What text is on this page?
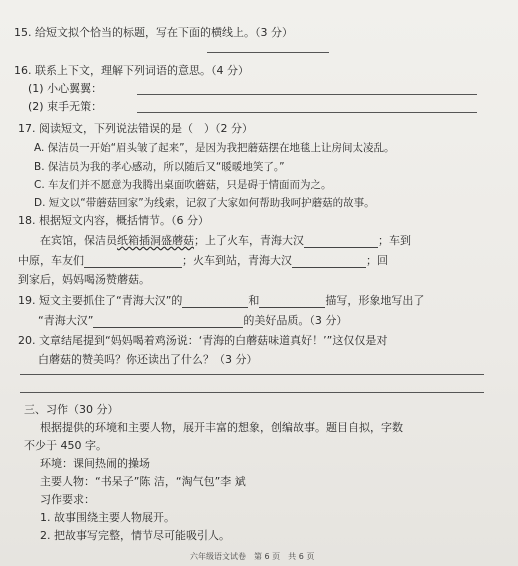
15. 给短文拟个恰当的标题，写在下面的横线上。（3 分）
16. 联系上下文，理解下列词语的意思。（4 分）
(1) 小心翼翼：
(2) 束手无策：
17. 阅读短文，下列说法错误的是（　）（2 分）
A. 保洁员一开始“眉头皱了起来”，是因为我把蘑菇摆在地毯上让房间太凌乱。
B. 保洁员为我的孝心感动，所以随后又“暖暖地笑了。”
C. 车友们并不愿意为我腾出桌面吹蘑菇，只是碍于情面而为之。
D. 短文以“带蘑菇回家”为线索，记叙了大家如何帮助我呵护蘑菇的故事。
18. 根据短文内容，概括情节。（6 分）
在宾馆，保洁员纸箱插洞盛蘑菇；上了火车，青海大汉	；车到
中原，车友们	；火车到站，青海大汉	；回
到家后，妈妈喝汤赞蘑菇。
19. 短文主要抓住了“青海大汉”的	和	描写，形象地写出了
“青海大汉”	的美好品质。（3 分）
20. 文章结尾提到“妈妈喝着鸡汤说：‘青海的白蘑菇味道真好！’”这仅仅是对
白蘑菇的赞美吗？你还读出了什么？（3 分）
三、习作（30 分）
根据提供的环境和主要人物，展开丰富的想象，创编故事。题目自拟，字数
不少于 450 字。
环境：课间热闹的操场
主要人物：“书呆子”陈 洁，“淘气包”李 斌
习作要求：
1. 故事围绕主要人物展开。
2. 把故事写完整，情节尽可能吸引人。
六年级语文试卷　第 6 页　共 6 页
